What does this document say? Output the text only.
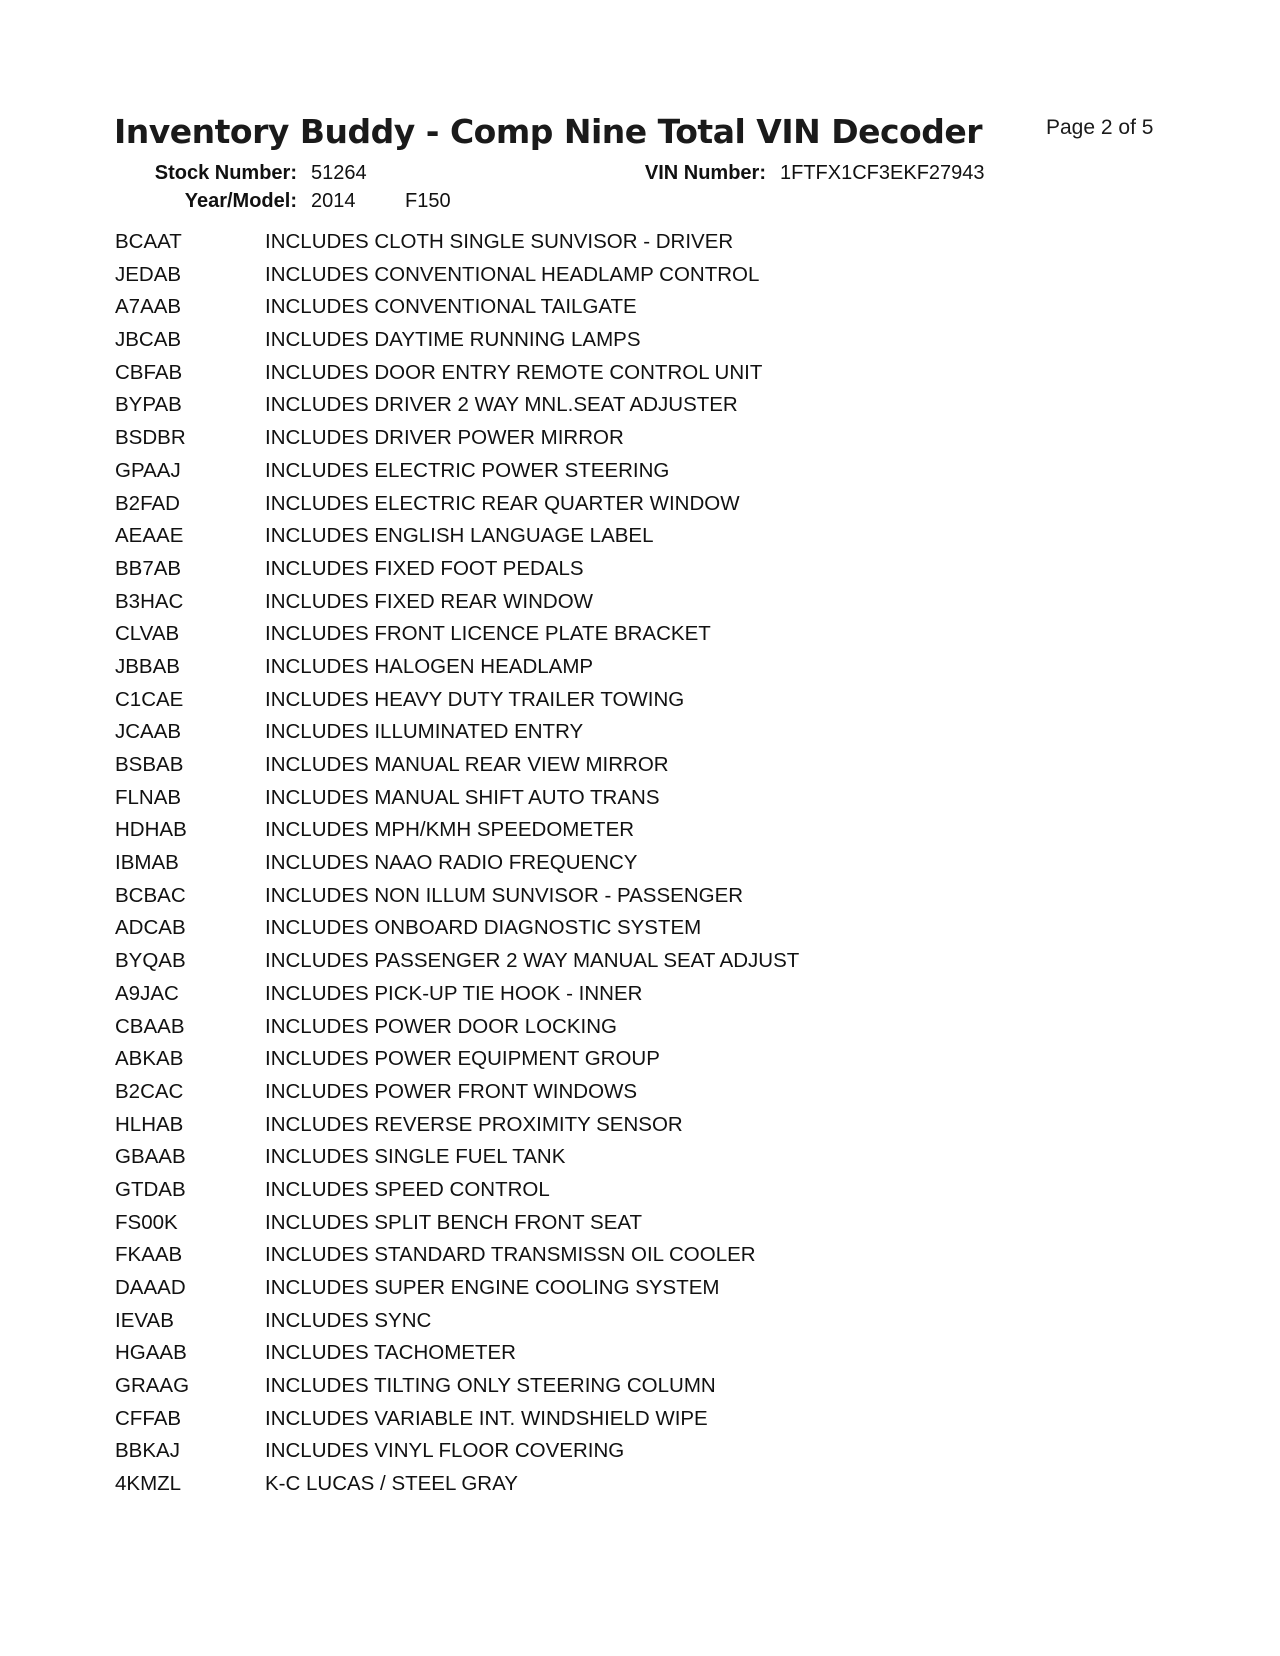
Inventory Buddy - Comp Nine Total VIN Decoder	Page 2 of 5
Stock Number: 51264	VIN Number: 1FTFX1CF3EKF27943
Year/Model: 2014 F150
BCAAT	INCLUDES CLOTH SINGLE SUNVISOR - DRIVER
JEDAB	INCLUDES CONVENTIONAL HEADLAMP CONTROL
A7AAB	INCLUDES CONVENTIONAL TAILGATE
JBCAB	INCLUDES DAYTIME RUNNING LAMPS
CBFAB	INCLUDES DOOR ENTRY REMOTE CONTROL UNIT
BYPAB	INCLUDES DRIVER 2 WAY MNL.SEAT ADJUSTER
BSDBR	INCLUDES DRIVER POWER MIRROR
GPAAJ	INCLUDES ELECTRIC POWER STEERING
B2FAD	INCLUDES ELECTRIC REAR QUARTER WINDOW
AEAAE	INCLUDES ENGLISH LANGUAGE LABEL
BB7AB	INCLUDES FIXED FOOT PEDALS
B3HAC	INCLUDES FIXED REAR WINDOW
CLVAB	INCLUDES FRONT LICENCE PLATE BRACKET
JBBAB	INCLUDES HALOGEN HEADLAMP
C1CAE	INCLUDES HEAVY DUTY TRAILER TOWING
JCAAB	INCLUDES ILLUMINATED ENTRY
BSBAB	INCLUDES MANUAL REAR VIEW MIRROR
FLNAB	INCLUDES MANUAL SHIFT AUTO TRANS
HDHAB	INCLUDES MPH/KMH SPEEDOMETER
IBMAB	INCLUDES NAAO RADIO FREQUENCY
BCBAC	INCLUDES NON ILLUM SUNVISOR - PASSENGER
ADCAB	INCLUDES ONBOARD DIAGNOSTIC SYSTEM
BYQAB	INCLUDES PASSENGER 2 WAY MANUAL SEAT ADJUST
A9JAC	INCLUDES PICK-UP TIE HOOK - INNER
CBAAB	INCLUDES POWER DOOR LOCKING
ABKAB	INCLUDES POWER EQUIPMENT GROUP
B2CAC	INCLUDES POWER FRONT WINDOWS
HLHAB	INCLUDES REVERSE PROXIMITY SENSOR
GBAAB	INCLUDES SINGLE FUEL TANK
GTDAB	INCLUDES SPEED CONTROL
FS00K	INCLUDES SPLIT BENCH FRONT SEAT
FKAAB	INCLUDES STANDARD TRANSMISSN OIL COOLER
DAAAD	INCLUDES SUPER ENGINE COOLING SYSTEM
IEVAB	INCLUDES SYNC
HGAAB	INCLUDES TACHOMETER
GRAAG	INCLUDES TILTING ONLY STEERING COLUMN
CFFAB	INCLUDES VARIABLE INT. WINDSHIELD WIPE
BBKAJ	INCLUDES VINYL FLOOR COVERING
4KMZL	K-C LUCAS / STEEL GRAY
